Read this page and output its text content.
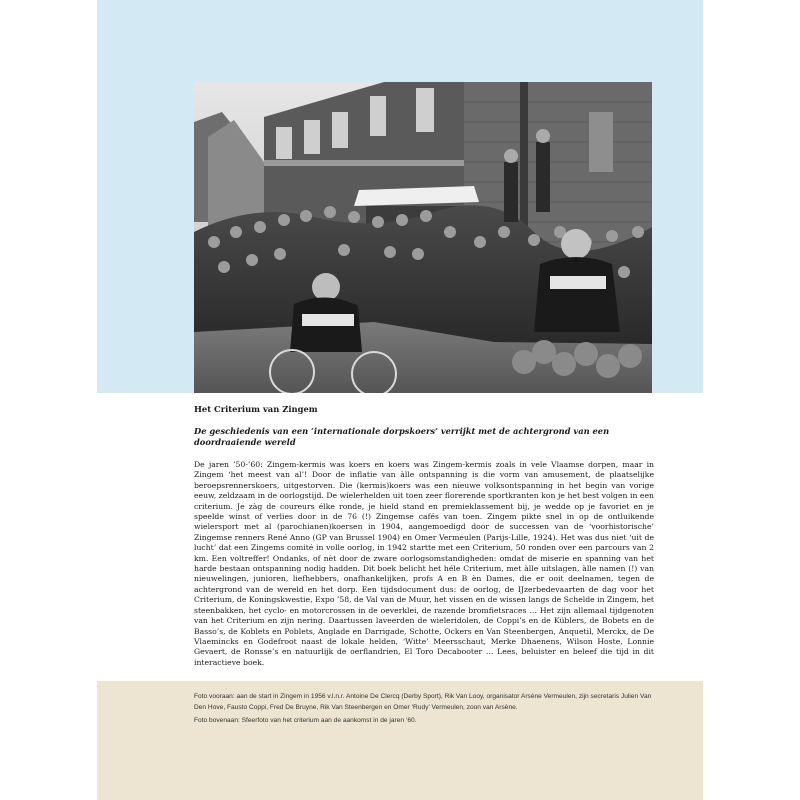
Het Criterium van Zingem

De geschiedenis van een ‘internationale dorpskoers’ verrijkt met de achtergrond van een doordraaiende wereld

De jaren ’50-’60: Zingem-kermis was koers en koers was Zingem-kermis zoals in vele Vlaamse dorpen, maar in Zingem ‘het meest van al’! Door de inflatie van àlle ontspanning is die vorm van amusement, de plaatselijke beroepsrennerskoers, uitgestorven. Die (kermis)koers was een nieuwe volksontspanning in het begin van vorige eeuw, zeldzaam in de oorlogstijd. De wielerhelden uit toen zeer florerende sportkranten kon je het best volgen in een criterium. Je zàg de coureurs élke ronde, je hield stand en premieklassement bij, je wedde op je favoriet en je speelde winst of verlies door in de 76 (!) Zingemse cafés van toen. Zingem pikte snel in op de ontluikende wielersport met al (parochianen)koersen in 1904, aangemoedigd door de successen van de ‘voorhistorische’ Zingemse renners René Anno (GP van Brussel 1904) en Omer Vermeulen (Parijs-Lille, 1924). Het was dus niet ‘uit de lucht’ dat een Zingems comité in volle oorlog, in 1942 startte met een Criterium, 50 ronden over een parcours van 2 km. Een voltreffer! Ondanks, of nèt door de zware oorlogsomstandigheden: omdat de miserie en spanning van het harde bestaan ontspanning nodig hadden. Dit boek belicht het héle Criterium, met àlle uitslagen, àlle namen (!) van nieuwelingen, junioren, liefhebbers, onafhankelijken, profs A en B èn Dames, die er ooit deelnamen, tegen de achtergrond van de wereld en het dorp. Een tijdsdocument dus: de oorlog, de IJzerbedevaarten de dag voor het Criterium, de Koningskwestie, Expo ’58, de Val van de Muur, het vissen en de wissen langs de Schelde in Zingem, het steenbakken, het cyclo- en motorcrossen in de oeverklei, de razende bromfietsraces … Het zijn allemaal tijdgenoten van het Criterium en zijn nering. Daartussen laveerden de wieleridolen, de Coppi’s en de Küblers, de Bobets en de Basso’s, de Koblets en Poblets, Anglade en Darrigade, Schotte, Ockers en Van Steenbergen, Anquetil, Merckx, de De Vlaemincks en Godefroot naast de lokale helden, ‘Witte’ Meersschaut, Merke Dhaenens, Wilson Hoste, Lonnie Gevaert, de Ronsse’s en natuurlijk de oerflandrien, El Toro Decabooter … Lees, beluister en beleef die tijd in dit interactieve boek.

Foto vooraan: aan de start in Zingem in 1956 v.l.n.r. Antoine De Clercq (Derby Sport), Rik Van Looy, organisator Arsène Vermeulen, zijn secretaris Julien Van Den Hove, Fausto Coppi, Fred De Bruyne, Rik Van Steenbergen en Omer ‘Rudy’ Vermeulen, zoon van Arsène.

Foto bovenaan: Sfeerfoto van het criterium aan de aankomst in de jaren ’60.
